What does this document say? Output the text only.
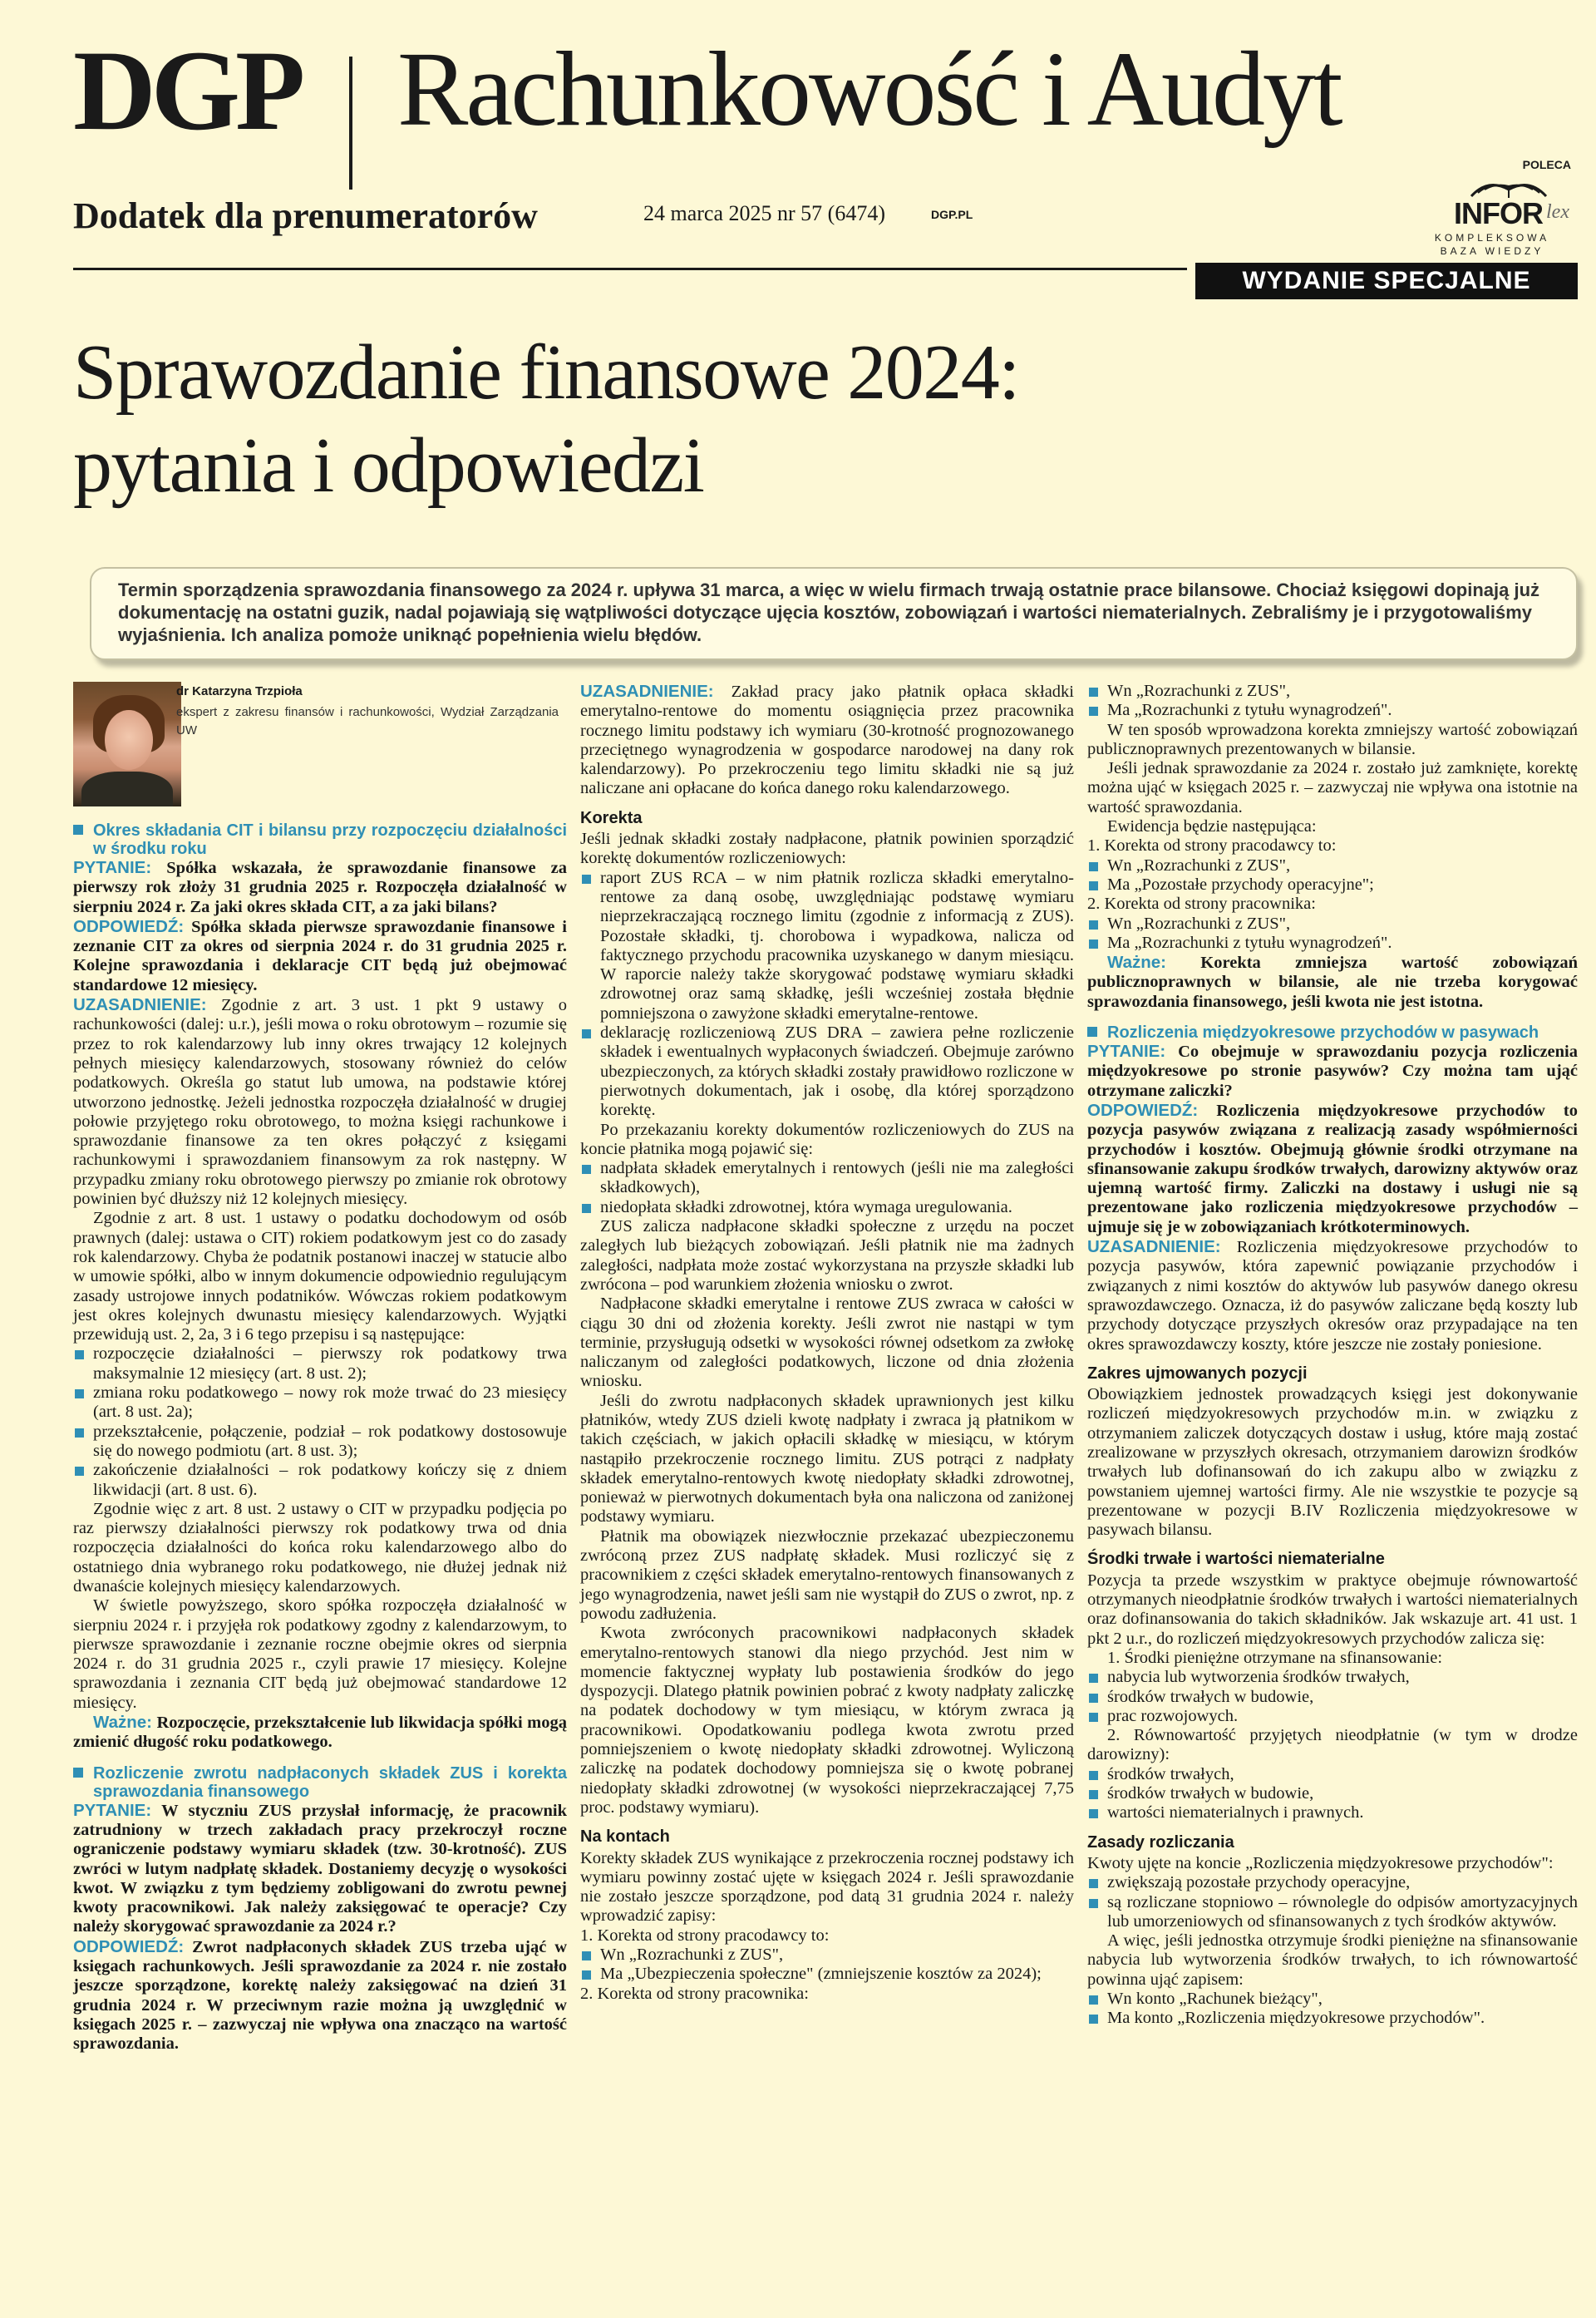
DGP Rachunkowość i Audyt
Dodatek dla prenumeratorów	24 marca 2025 nr 57 (6474)	DGP.PL
POLECA
INFOR lex
KOMPLEKSOWA BAZA WIEDZY
WYDANIE SPECJALNE
Sprawozdanie finansowe 2024:
pytania i odpowiedzi
Termin sporządzenia sprawozdania finansowego za 2024 r. upływa 31 marca, a więc w wielu firmach trwają ostatnie prace bilansowe. Chociaż księgowi dopinają już dokumentację na ostatni guzik, nadal pojawiają się wątpliwości dotyczące ujęcia kosztów, zobowiązań i wartości niematerialnych. Zebraliśmy je i przygotowaliśmy wyjaśnienia. Ich analiza pomoże uniknąć popełnienia wielu błędów.
dr Katarzyna Trzpioła
ekspert z zakresu finansów i rachunkowości, Wydział Zarządzania UW
Okres składania CIT i bilansu przy rozpoczęciu działalności w środku roku

PYTANIE: Spółka wskazała, że sprawozdanie finansowe za pierwszy rok złoży 31 grudnia 2025 r. Rozpoczęła działalność w sierpniu 2024 r. Za jaki okres składa CIT, a za jaki bilans?

ODPOWIEDŹ: Spółka składa pierwsze sprawozdanie finansowe i zeznanie CIT za okres od sierpnia 2024 r. do 31 grudnia 2025 r. Kolejne sprawozdania i deklaracje CIT będą już obejmować standardowe 12 miesięcy.

UZASADNIENIE: Zgodnie z art. 3 ust. 1 pkt 9 ustawy o rachunkowości (dalej: u.r.), jeśli mowa o roku obrotowym – rozumie się przez to rok kalendarzowy lub inny okres trwający 12 kolejnych pełnych miesięcy kalendarzowych, stosowany również do celów podatkowych. Określa go statut lub umowa, na podstawie której utworzono jednostkę. Jeżeli jednostka rozpoczęła działalność w drugiej połowie przyjętego roku obrotowego, to można księgi rachunkowe i sprawozdanie finansowe za ten okres połączyć z księgami rachunkowymi i sprawozdaniem finansowym za rok następny. W przypadku zmiany roku obrotowego pierwszy po zmianie rok obrotowy powinien być dłuższy niż 12 kolejnych miesięcy.

Zgodnie z art. 8 ust. 1 ustawy o podatku dochodowym od osób prawnych (dalej: ustawa o CIT) rokiem podatkowym jest co do zasady rok kalendarzowy. Chyba że podatnik postanowi inaczej w statucie albo w umowie spółki, albo w innym dokumencie odpowiednio regulującym zasady ustrojowe innych podatników. Wówczas rokiem podatkowym jest okres kolejnych dwunastu miesięcy kalendarzowych. Wyjątki przewidują ust. 2, 2a, 3 i 6 tego przepisu i są następujące:

rozpoczęcie działalności – pierwszy rok podatkowy trwa maksymalnie 12 miesięcy (art. 8 ust. 2);
zmiana roku podatkowego – nowy rok może trwać do 23 miesięcy (art. 8 ust. 2a);
przekształcenie, połączenie, podział – rok podatkowy dostosowuje się do nowego podmiotu (art. 8 ust. 3);
zakończenie działalności – rok podatkowy kończy się z dniem likwidacji (art. 8 ust. 6).

Zgodnie więc z art. 8 ust. 2 ustawy o CIT w przypadku podjęcia po raz pierwszy działalności pierwszy rok podatkowy trwa od dnia rozpoczęcia działalności do końca roku kalendarzowego albo do ostatniego dnia wybranego roku podatkowego, nie dłużej jednak niż dwanaście kolejnych miesięcy kalendarzowych.

W świetle powyższego, skoro spółka rozpoczęła działalność w sierpniu 2024 r. i przyjęła rok podatkowy zgodny z kalendarzowym, to pierwsze sprawozdanie i zeznanie roczne obejmie okres od sierpnia 2024 r. do 31 grudnia 2025 r., czyli prawie 17 miesięcy. Kolejne sprawozdania i zeznania CIT będą już obejmować standardowe 12 miesięcy.

Ważne: Rozpoczęcie, przekształcenie lub likwidacja spółki mogą zmienić długość roku podatkowego.

Rozliczenie zwrotu nadpłaconych składek ZUS i korekta sprawozdania finansowego

PYTANIE: W styczniu ZUS przysłał informację, że pracownik zatrudniony w trzech zakładach pracy przekroczył roczne ograniczenie podstawy wymiaru składek (tzw. 30-krotność). ZUS zwróci w lutym nadpłatę składek. Dostaniemy decyzję o wysokości kwot. W związku z tym będziemy zobligowani do zwrotu pewnej kwoty pracownikowi. Jak należy zaksięgować te operacje? Czy należy skorygować sprawozdanie za 2024 r.?

ODPOWIEDŹ: Zwrot nadpłaconych składek ZUS trzeba ująć w księgach rachunkowych. Jeśli sprawozdanie za 2024 r. nie zostało jeszcze sporządzone, korektę należy zaksięgować na dzień 31 grudnia 2024 r. W przeciwnym razie można ją uwzględnić w księgach 2025 r. – zazwyczaj nie wpływa ona znacząco na wartość sprawozdania.

UZASADNIENIE: Zakład pracy jako płatnik opłaca składki emerytalno-rentowe do momentu osiągnięcia przez pracownika rocznego limitu podstawy ich wymiaru (30-krotność prognozowanego przeciętnego wynagrodzenia w gospodarce narodowej na dany rok kalendarzowy). Po przekroczeniu tego limitu składki nie są już naliczane ani opłacane do końca danego roku kalendarzowego.

Korekta

Jeśli jednak składki zostały nadpłacone, płatnik powinien sporządzić korektę dokumentów rozliczeniowych:

raport ZUS RCA – w nim płatnik rozlicza składki emerytalno-rentowe za daną osobę, uwzględniając podstawę wymiaru nieprzekraczającą rocznego limitu (zgodnie z informacją z ZUS). Pozostałe składki, tj. chorobowa i wypadkowa, nalicza od faktycznego przychodu pracownika uzyskanego w danym miesiącu. W raporcie należy także skorygować podstawę wymiaru składki zdrowotnej oraz samą składkę, jeśli wcześniej została błędnie pomniejszona o zawyżone składki emerytalne-rentowe.
deklarację rozliczeniową ZUS DRA – zawiera pełne rozliczenie składek i ewentualnych wypłaconych świadczeń. Obejmuje zarówno ubezpieczonych, za których składki zostały prawidłowo rozliczone w pierwotnych dokumentach, jak i osobę, dla której sporządzono korektę.

Po przekazaniu korekty dokumentów rozliczeniowych do ZUS na koncie płatnika mogą pojawić się:

nadpłata składek emerytalnych i rentowych (jeśli nie ma zaległości składkowych),
niedopłata składki zdrowotnej, która wymaga uregulowania.

ZUS zalicza nadpłacone składki społeczne z urzędu na poczet zaległych lub bieżących zobowiązań. Jeśli płatnik nie ma żadnych zaległości, nadpłata może zostać wykorzystana na przyszłe składki lub zwrócona – pod warunkiem złożenia wniosku o zwrot.

Nadpłacone składki emerytalne i rentowe ZUS zwraca w całości w ciągu 30 dni od złożenia korekty. Jeśli zwrot nie nastąpi w tym terminie, przysługują odsetki w wysokości równej odsetkom za zwłokę naliczanym od zaległości podatkowych, liczone od dnia złożenia wniosku.

Jeśli do zwrotu nadpłaconych składek uprawnionych jest kilku płatników, wtedy ZUS dzieli kwotę nadpłaty i zwraca ją płatnikom w takich częściach, w jakich opłacili składkę w miesiącu, w którym nastąpiło przekroczenie rocznego limitu. ZUS potrąci z nadpłaty składek emerytalno-rentowych kwotę niedopłaty składki zdrowotnej, ponieważ w pierwotnych dokumentach była ona naliczona od zaniżonej podstawy wymiaru.

Płatnik ma obowiązek niezwłocznie przekazać ubezpieczonemu zwróconą przez ZUS nadpłatę składek. Musi rozliczyć się z pracownikiem z części składek emerytalno-rentowych finansowanych z jego wynagrodzenia, nawet jeśli sam nie wystąpił do ZUS o zwrot, np. z powodu zadłużenia.

Kwota zwróconych pracownikowi nadpłaconych składek emerytalno-rentowych stanowi dla niego przychód. Jest nim w momencie faktycznej wypłaty lub postawienia środków do jego dyspozycji. Dlatego płatnik powinien pobrać z kwoty nadpłaty zaliczkę na podatek dochodowy w tym miesiącu, w którym zwraca ją pracownikowi. Opodatkowaniu podlega kwota zwrotu przed pomniejszeniem o kwotę niedopłaty składki zdrowotnej. Wyliczoną zaliczkę na podatek dochodowy pomniejsza się o kwotę pobranej niedopłaty składki zdrowotnej (w wysokości nieprzekraczającej 7,75 proc. podstawy wymiaru).

Na kontach

Korekty składek ZUS wynikające z przekroczenia rocznej podstawy ich wymiaru powinny zostać ujęte w księgach 2024 r. Jeśli sprawozdanie nie zostało jeszcze sporządzone, pod datą 31 grudnia 2024 r. należy wprowadzić zapisy:

1. Korekta od strony pracodawcy to:

Wn „Rozrachunki z ZUS",
Ma „Ubezpieczenia społeczne" (zmniejszenie kosztów za 2024);

2. Korekta od strony pracownika:

Wn „Rozrachunki z ZUS",
Ma „Rozrachunki z tytułu wynagrodzeń".

W ten sposób wprowadzona korekta zmniejszy wartość zobowiązań publicznoprawnych prezentowanych w bilansie.

Jeśli jednak sprawozdanie za 2024 r. zostało już zamknięte, korektę można ująć w księgach 2025 r. – zazwyczaj nie wpływa ona istotnie na wartość sprawozdania.

Ewidencja będzie następująca:

1. Korekta od strony pracodawcy to:

Wn „Rozrachunki z ZUS",
Ma „Pozostałe przychody operacyjne";

2. Korekta od strony pracownika:

Wn „Rozrachunki z ZUS",
Ma „Rozrachunki z tytułu wynagrodzeń".

Ważne: Korekta zmniejsza wartość zobowiązań publicznoprawnych w bilansie, ale nie trzeba korygować sprawozdania finansowego, jeśli kwota nie jest istotna.

Rozliczenia międzyokresowe przychodów w pasywach

PYTANIE: Co obejmuje w sprawozdaniu pozycja rozliczenia międzyokresowe po stronie pasywów? Czy można tam ująć otrzymane zaliczki?

ODPOWIEDŹ: Rozliczenia międzyokresowe przychodów to pozycja pasywów związana z realizacją zasady współmierności przychodów i kosztów. Obejmują głównie środki otrzymane na sfinansowanie zakupu środków trwałych, darowizny aktywów oraz ujemną wartość firmy. Zaliczki na dostawy i usługi nie są prezentowane jako rozliczenia międzyokresowe przychodów – ujmuje się je w zobowiązaniach krótkoterminowych.

UZASADNIENIE: Rozliczenia międzyokresowe przychodów to pozycja pasywów, która zapewnić powiązanie przychodów i związanych z nimi kosztów do aktywów lub pasywów danego okresu sprawozdawczego. Oznacza, iż do pasywów zaliczane będą koszty lub przychody dotyczące przyszłych okresów oraz przypadające na ten okres sprawozdawczy koszty, które jeszcze nie zostały poniesione.

Zakres ujmowanych pozycji

Obowiązkiem jednostek prowadzących księgi jest dokonywanie rozliczeń międzyokresowych przychodów m.in. w związku z otrzymaniem zaliczek dotyczących dostaw i usług, które mają zostać zrealizowane w przyszłych okresach, otrzymaniem darowizn środków trwałych lub dofinansowań do ich zakupu albo w związku z powstaniem ujemnej wartości firmy. Ale nie wszystkie te pozycje są prezentowane w pozycji B.IV Rozliczenia międzyokresowe w pasywach bilansu.

Środki trwałe i wartości niematerialne

Pozycja ta przede wszystkim w praktyce obejmuje równowartość otrzymanych nieodpłatnie środków trwałych i wartości niematerialnych oraz dofinansowania do takich składników. Jak wskazuje art. 41 ust. 1 pkt 2 u.r., do rozliczeń międzyokresowych przychodów zalicza się:

1. Środki pieniężne otrzymane na sfinansowanie:

nabycia lub wytworzenia środków trwałych,
środków trwałych w budowie,
prac rozwojowych.

2. Równowartość przyjętych nieodpłatnie (w tym w drodze darowizny):

środków trwałych,
środków trwałych w budowie,
wartości niematerialnych i prawnych.
Zasady rozliczania

Kwoty ujęte na koncie „Rozliczenia międzyokresowe przychodów":

zwiększają pozostałe przychody operacyjne,
są rozliczane stopniowo – równolegle do odpisów amortyzacyjnych lub umorzeniowych od sfinansowanych z tych środków aktywów.

A więc, jeśli jednostka otrzymuje środki pieniężne na sfinansowanie nabycia lub wytworzenia środków trwałych, to ich równowartość powinna ująć zapisem:

Wn konto „Rachunek bieżący",
Ma konto „Rozliczenia międzyokresowe przychodów".
